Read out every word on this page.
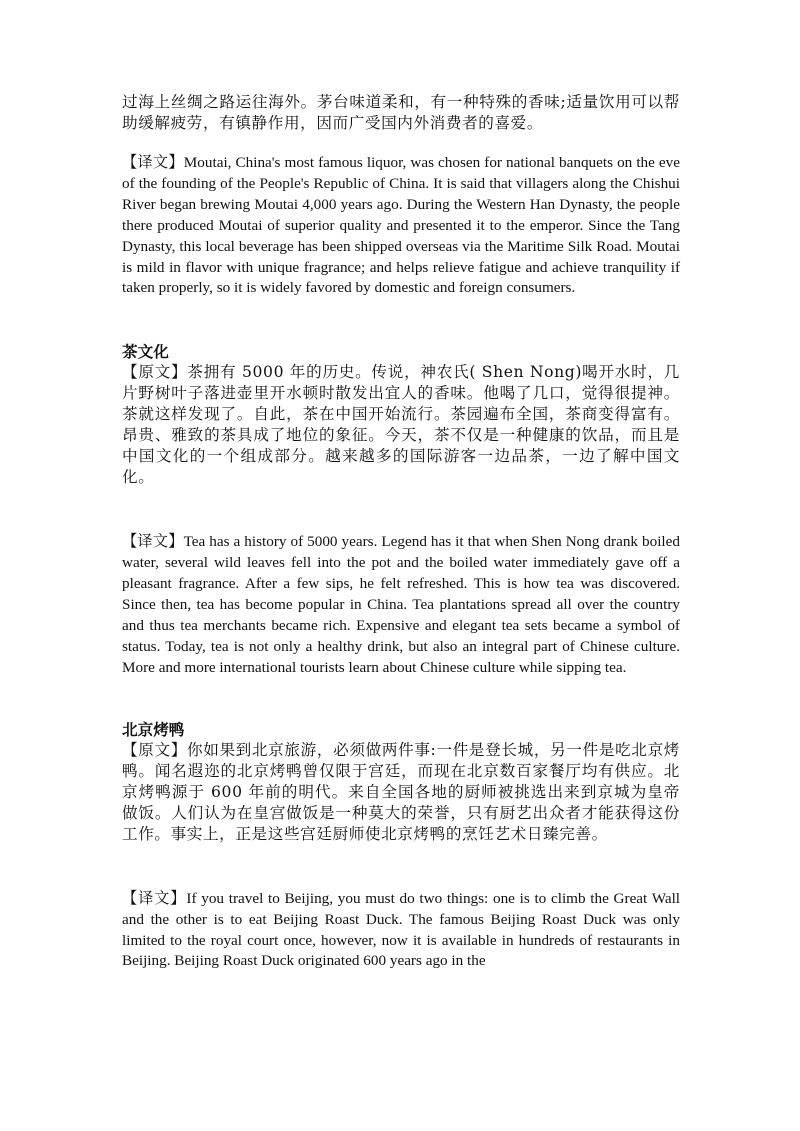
过海上丝绸之路运往海外。茅台味道柔和，有一种特殊的香味;适量饮用可以帮助缓解疲劳，有镇静作用，因而广受国内外消费者的喜爱。

【译文】Moutai, China's most famous liquor, was chosen for national banquets on the eve of the founding of the People's Republic of China. It is said that villagers along the Chishui River began brewing Moutai 4,000 years ago. During the Western Han Dynasty, the people there produced Moutai of superior quality and presented it to the emperor. Since the Tang Dynasty, this local beverage has been shipped overseas via the Maritime Silk Road. Moutai is mild in flavor with unique fragrance; and helps relieve fatigue and achieve tranquility if taken properly, so it is widely favored by domestic and foreign consumers.

茶文化

【原文】茶拥有 5000 年的历史。传说，神农氏( Shen Nong)喝开水时，几片野树叶子落进壶里开水顿时散发出宜人的香味。他喝了几口，觉得很提神。茶就这样发现了。自此，茶在中国开始流行。茶园遍布全国，茶商变得富有。昂贵、雅致的茶具成了地位的象征。今天，茶不仅是一种健康的饮品，而且是中国文化的一个组成部分。越来越多的国际游客一边品茶，一边了解中国文化。

【译文】Tea has a history of 5000 years. Legend has it that when Shen Nong drank boiled water, several wild leaves fell into the pot and the boiled water immediately gave off a pleasant fragrance. After a few sips, he felt refreshed. This is how tea was discovered. Since then, tea has become popular in China. Tea plantations spread all over the country and thus tea merchants became rich. Expensive and elegant tea sets became a symbol of status. Today, tea is not only a healthy drink, but also an integral part of Chinese culture. More and more international tourists learn about Chinese culture while sipping tea.

北京烤鸭

【原文】你如果到北京旅游，必须做两件事:一件是登长城，另一件是吃北京烤鸭。闻名遐迩的北京烤鸭曾仅限于宫廷，而现在北京数百家餐厅均有供应。北京烤鸭源于 600 年前的明代。来自全国各地的厨师被挑选出来到京城为皇帝做饭。人们认为在皇宫做饭是一种莫大的荣誉，只有厨艺出众者才能获得这份工作。事实上，正是这些宫廷厨师使北京烤鸭的烹饪艺术日臻完善。

【译文】If you travel to Beijing, you must do two things: one is to climb the Great Wall and the other is to eat Beijing Roast Duck. The famous Beijing Roast Duck was only limited to the royal court once, however, now it is available in hundreds of restaurants in Beijing. Beijing Roast Duck originated 600 years ago in the
